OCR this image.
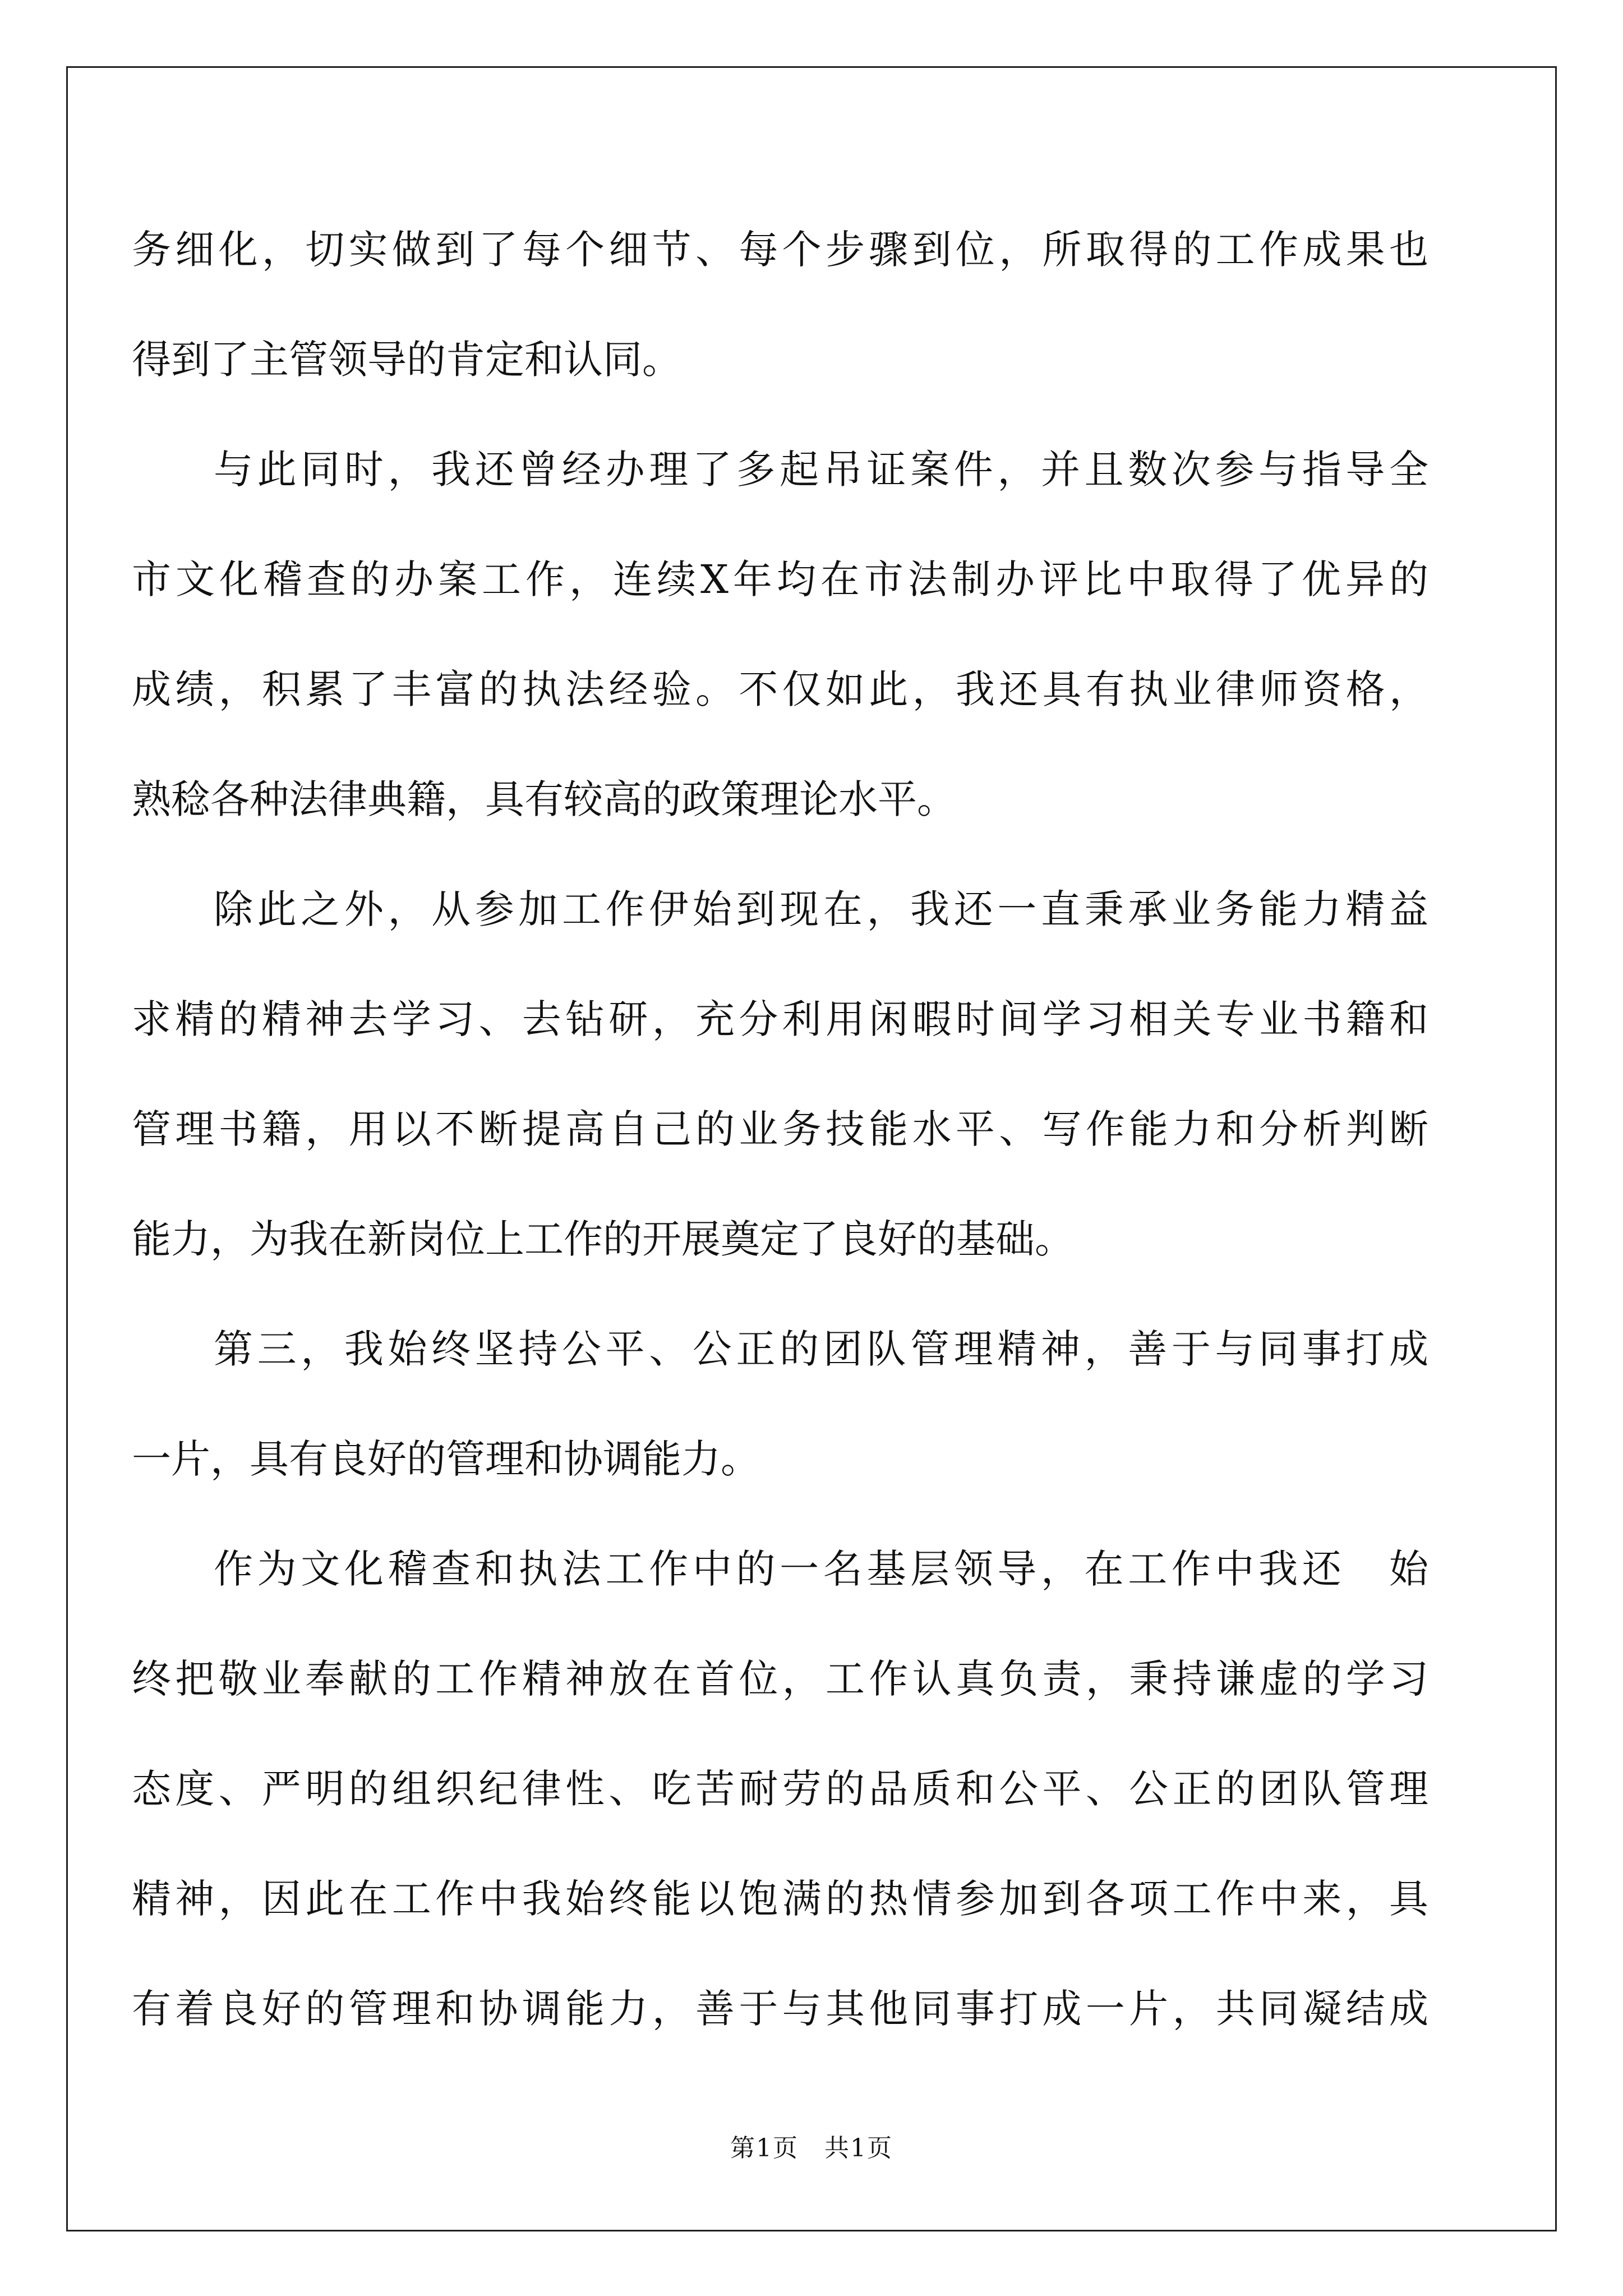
务细化，切实做到了每个细节、每个步骤到位，所取得的工作成果也
得到了主管领导的肯定和认同。
与此同时，我还曾经办理了多起吊证案件，并且数次参与指导全
市文化稽查的办案工作，连续X年均在市法制办评比中取得了优异的
成绩，积累了丰富的执法经验。不仅如此，我还具有执业律师资格，
熟稔各种法律典籍，具有较高的政策理论水平。
除此之外，从参加工作伊始到现在，我还一直秉承业务能力精益
求精的精神去学习、去钻研，充分利用闲暇时间学习相关专业书籍和
管理书籍，用以不断提高自己的业务技能水平、写作能力和分析判断
能力，为我在新岗位上工作的开展奠定了良好的基础。
第三，我始终坚持公平、公正的团队管理精神，善于与同事打成
一片，具有良好的管理和协调能力。
作为文化稽查和执法工作中的一名基层领导，在工作中我还　始
终把敬业奉献的工作精神放在首位，工作认真负责，秉持谦虚的学习
态度、严明的组织纪律性、吃苦耐劳的品质和公平、公正的团队管理
精神，因此在工作中我始终能以饱满的热情参加到各项工作中来，具
有着良好的管理和协调能力，善于与其他同事打成一片，共同凝结成
第1页　共1页
